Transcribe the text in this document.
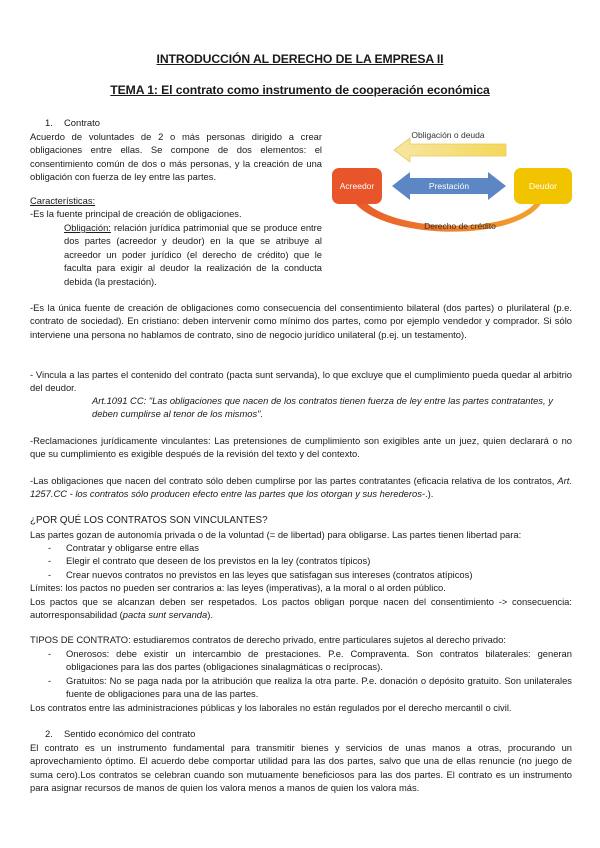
INTRODUCCIÓN AL DERECHO DE LA EMPRESA II
TEMA 1: El contrato como instrumento de cooperación económica
1. Contrato
Acuerdo de voluntades de 2 o más personas dirigido a crear obligaciones entre ellas. Se compone de dos elementos: el consentimiento común de dos o más personas, y la creación de una obligación con fuerza de ley entre las partes.
Obligación o deuda
Derecho de crédito
Acreedor	Deudor
Prestación
Características:
-Es la fuente principal de creación de obligaciones.
Obligación: relación jurídica patrimonial que se produce entre dos partes (acreedor y deudor) en la que se atribuye al acreedor un poder jurídico (el derecho de crédito) que le faculta para exigir al deudor la realización de la conducta debida (la prestación).
-Es la única fuente de creación de obligaciones como consecuencia del consentimiento bilateral (dos partes) o plurilateral (p.e. contrato de sociedad). En cristiano: deben intervenir como mínimo dos partes, como por ejemplo vendedor y comprador. Si sólo interviene una persona no hablamos de contrato, sino de negocio jurídico unilateral (p.ej. un testamento).
- Vincula a las partes el contenido del contrato (pacta sunt servanda), lo que excluye que el cumplimiento pueda quedar al arbitrio del deudor.
Art.1091 CC: "Las obligaciones que nacen de los contratos tienen fuerza de ley entre las partes contratantes, y deben cumplirse al tenor de los mismos".
-Reclamaciones jurídicamente vinculantes: Las pretensiones de cumplimiento son exigibles ante un juez, quien declarará o no que su cumplimiento es exigible después de la revisión del texto y del contexto.
-Las obligaciones que nacen del contrato sólo deben cumplirse por las partes contratantes (eficacia relativa de los contratos, Art. 1257.CC - los contratos sólo producen efecto entre las partes que los otorgan y sus herederos-.).
¿POR QUÉ LOS CONTRATOS SON VINCULANTES?
Las partes gozan de autonomía privada o de la voluntad (= de libertad) para obligarse. Las partes tienen libertad para:
- Contratar y obligarse entre ellas
- Elegir el contrato que deseen de los previstos en la ley (contratos típicos)
- Crear nuevos contratos no previstos en las leyes que satisfagan sus intereses (contratos atípicos)
Límites: los pactos no pueden ser contrarios a: las leyes (imperativas), a la moral o al orden público.
Los pactos que se alcanzan deben ser respetados. Los pactos obligan porque nacen del consentimiento -> consecuencia: autorresponsabilidad (pacta sunt servanda).
TIPOS DE CONTRATO: estudiaremos contratos de derecho privado, entre particulares sujetos al derecho privado:
- Onerosos: debe existir un intercambio de prestaciones. P.e. Compraventa. Son contratos bilaterales: generan obligaciones para las dos partes (obligaciones sinalagmáticas o recíprocas).
- Gratuitos: No se paga nada por la atribución que realiza la otra parte. P.e. donación o depósito gratuito. Son unilaterales fuente de obligaciones para una de las partes.
Los contratos entre las administraciones públicas y los laborales no están regulados por el derecho mercantil o civil.
2. Sentido económico del contrato
El contrato es un instrumento fundamental para transmitir bienes y servicios de unas manos a otras, procurando un aprovechamiento óptimo. El acuerdo debe comportar utilidad para las dos partes, salvo que una de ellas renuncie (no juego de suma cero).Los contratos se celebran cuando son mutuamente beneficiosos para las dos partes. El contrato es un instrumento para asignar recursos de manos de quien los valora menos a manos de quien los valora más.
